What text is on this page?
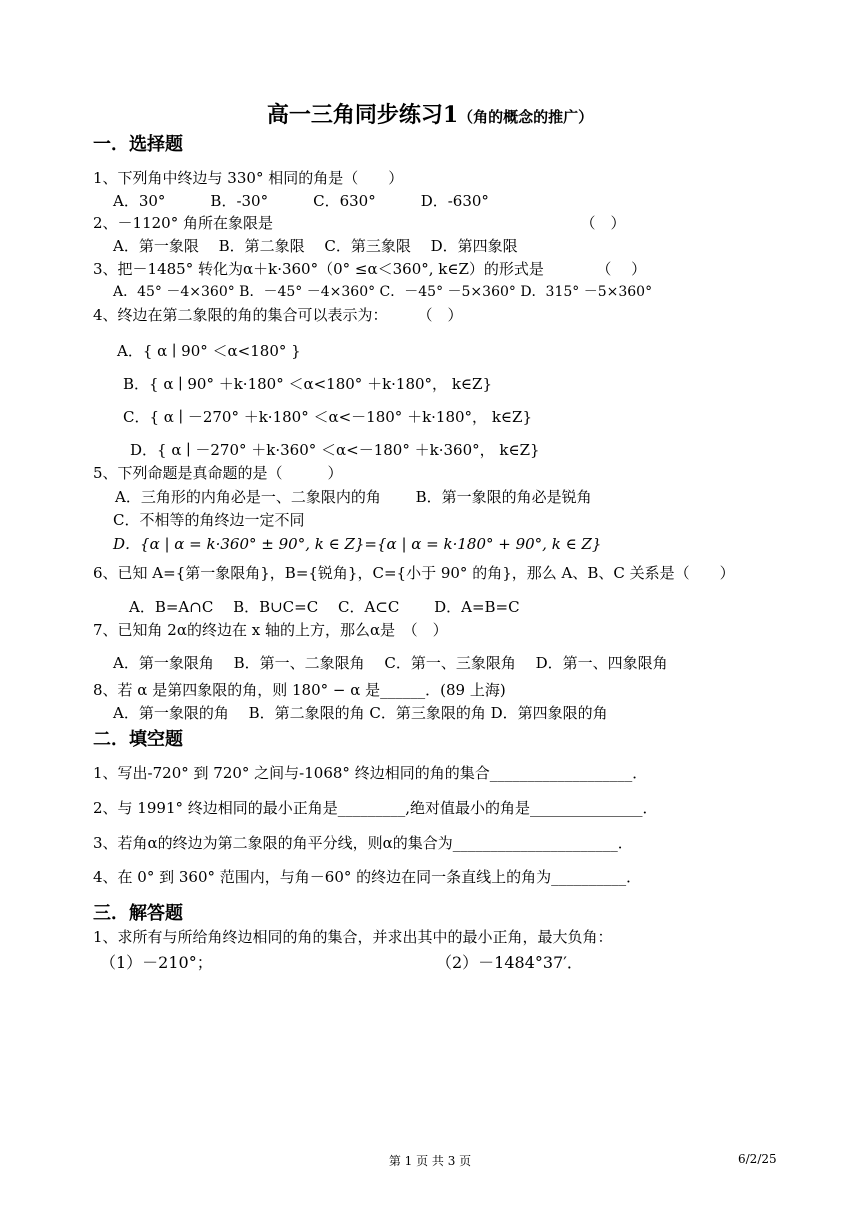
高一三角同步练习1（角的概念的推广）
一．选择题
1、下列角中终边与 330° 相同的角是（　　）
A．30°　　　B．-30°　　　C．630°　　　D．-630°
2、－1120° 角所在象限是　　　　　　　　　　　　　　　　　　　　　（　）
A．第一象限　 B．第二象限　 C．第三象限　 D．第四象限
3、把－1485° 转化为α＋k·360°（0° ≤α＜360°, k∈Z）的形式是　　　　（　 ）
A．45° －4×360° B．－45° －4×360° C．－45° －5×360° D．315° －5×360°
4、终边在第二象限的角的集合可以表示为：　　　（　）
A．{ α ∣ 90° ＜α<180° }
B．{ α ∣ 90° ＋k·180° ＜α<180° ＋k·180°， k∈Z}
C．{ α ∣ －270° ＋k·180° ＜α<－180° ＋k·180°， k∈Z}
D．{ α ∣ －270° ＋k·360° ＜α<－180° ＋k·360°， k∈Z}
5、下列命题是真命题的是（　　　）
A．三角形的内角必是一、二象限内的角　　 B．第一象限的角必是锐角
C．不相等的角终边一定不同
D．{α | α = k·360° ± 90°, k ∈ Z}={α | α = k·180° + 90°, k ∈ Z}
6、已知 A={第一象限角}，B={锐角}，C={小于 90° 的角}，那么 A、B、C 关系是（　　）
A．B=A∩C　 B．B∪C=C　 C．A⊂C　　 D．A=B=C
7、已知角 2α的终边在 x 轴的上方，那么α是　（　）
A．第一象限角　 B．第一、二象限角　 C．第一、三象限角　 D．第一、四象限角
8、若 α 是第四象限的角，则 180° − α 是______．(89 上海)
A．第一象限的角　 B．第二象限的角 C．第三象限的角 D．第四象限的角
二．填空题
1、写出-720° 到 720° 之间与-1068° 终边相同的角的集合___________________．
2、与 1991° 终边相同的最小正角是_________,绝对值最小的角是_______________．
3、若角α的终边为第二象限的角平分线，则α的集合为______________________．
4、在 0° 到 360° 范围内，与角－60° 的终边在同一条直线上的角为__________．
三．解答题
1、求所有与所给角终边相同的角的集合，并求出其中的最小正角，最大负角：
（1）－210°；	（2）－1484°37′．
第 1 页 共 3 页	6/2/25
